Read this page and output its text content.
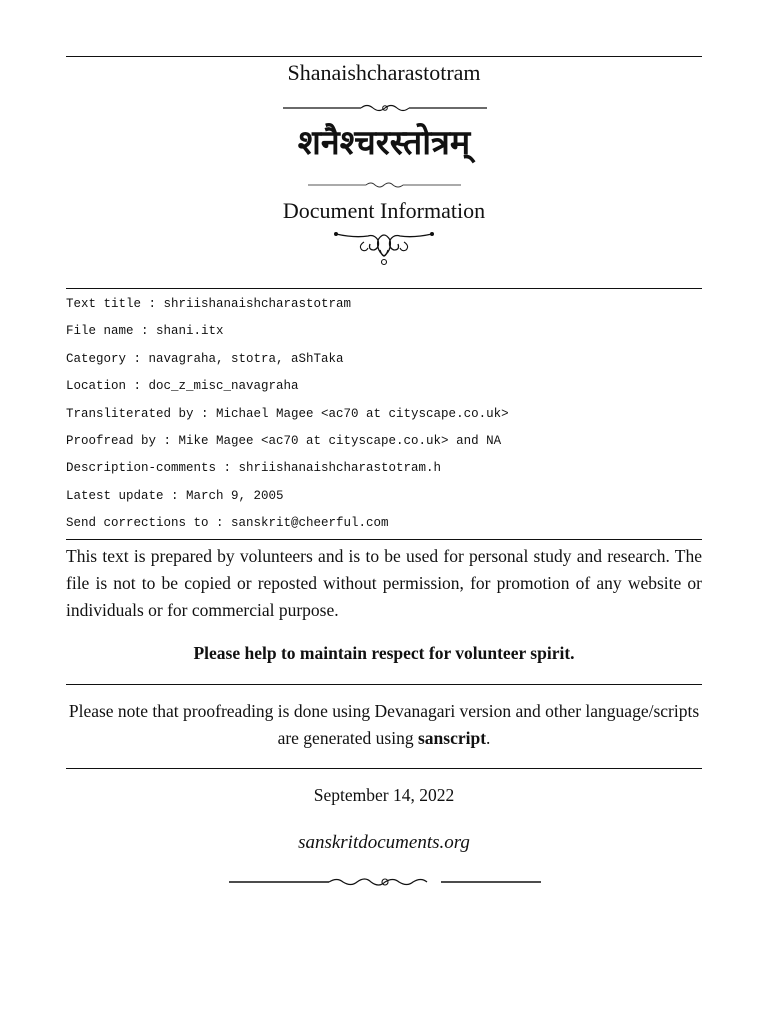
Shanaishcharastotram
शनैश्चरस्तोत्रम्
Document Information
Text title : shriishanaishcharastotram
File name : shani.itx
Category : navagraha, stotra, aShTaka
Location : doc_z_misc_navagraha
Transliterated by : Michael Magee <ac70 at cityscape.co.uk>
Proofread by : Mike Magee <ac70 at cityscape.co.uk> and NA
Description-comments : shriishanaishcharastotram.h
Latest update : March 9, 2005
Send corrections to : sanskrit@cheerful.com
This text is prepared by volunteers and is to be used for personal study and research. The file is not to be copied or reposted without permission, for promotion of any website or individuals or for commercial purpose.
Please help to maintain respect for volunteer spirit.
Please note that proofreading is done using Devanagari version and other language/scripts are generated using sanscript.
September 14, 2022
sanskritdocuments.org
